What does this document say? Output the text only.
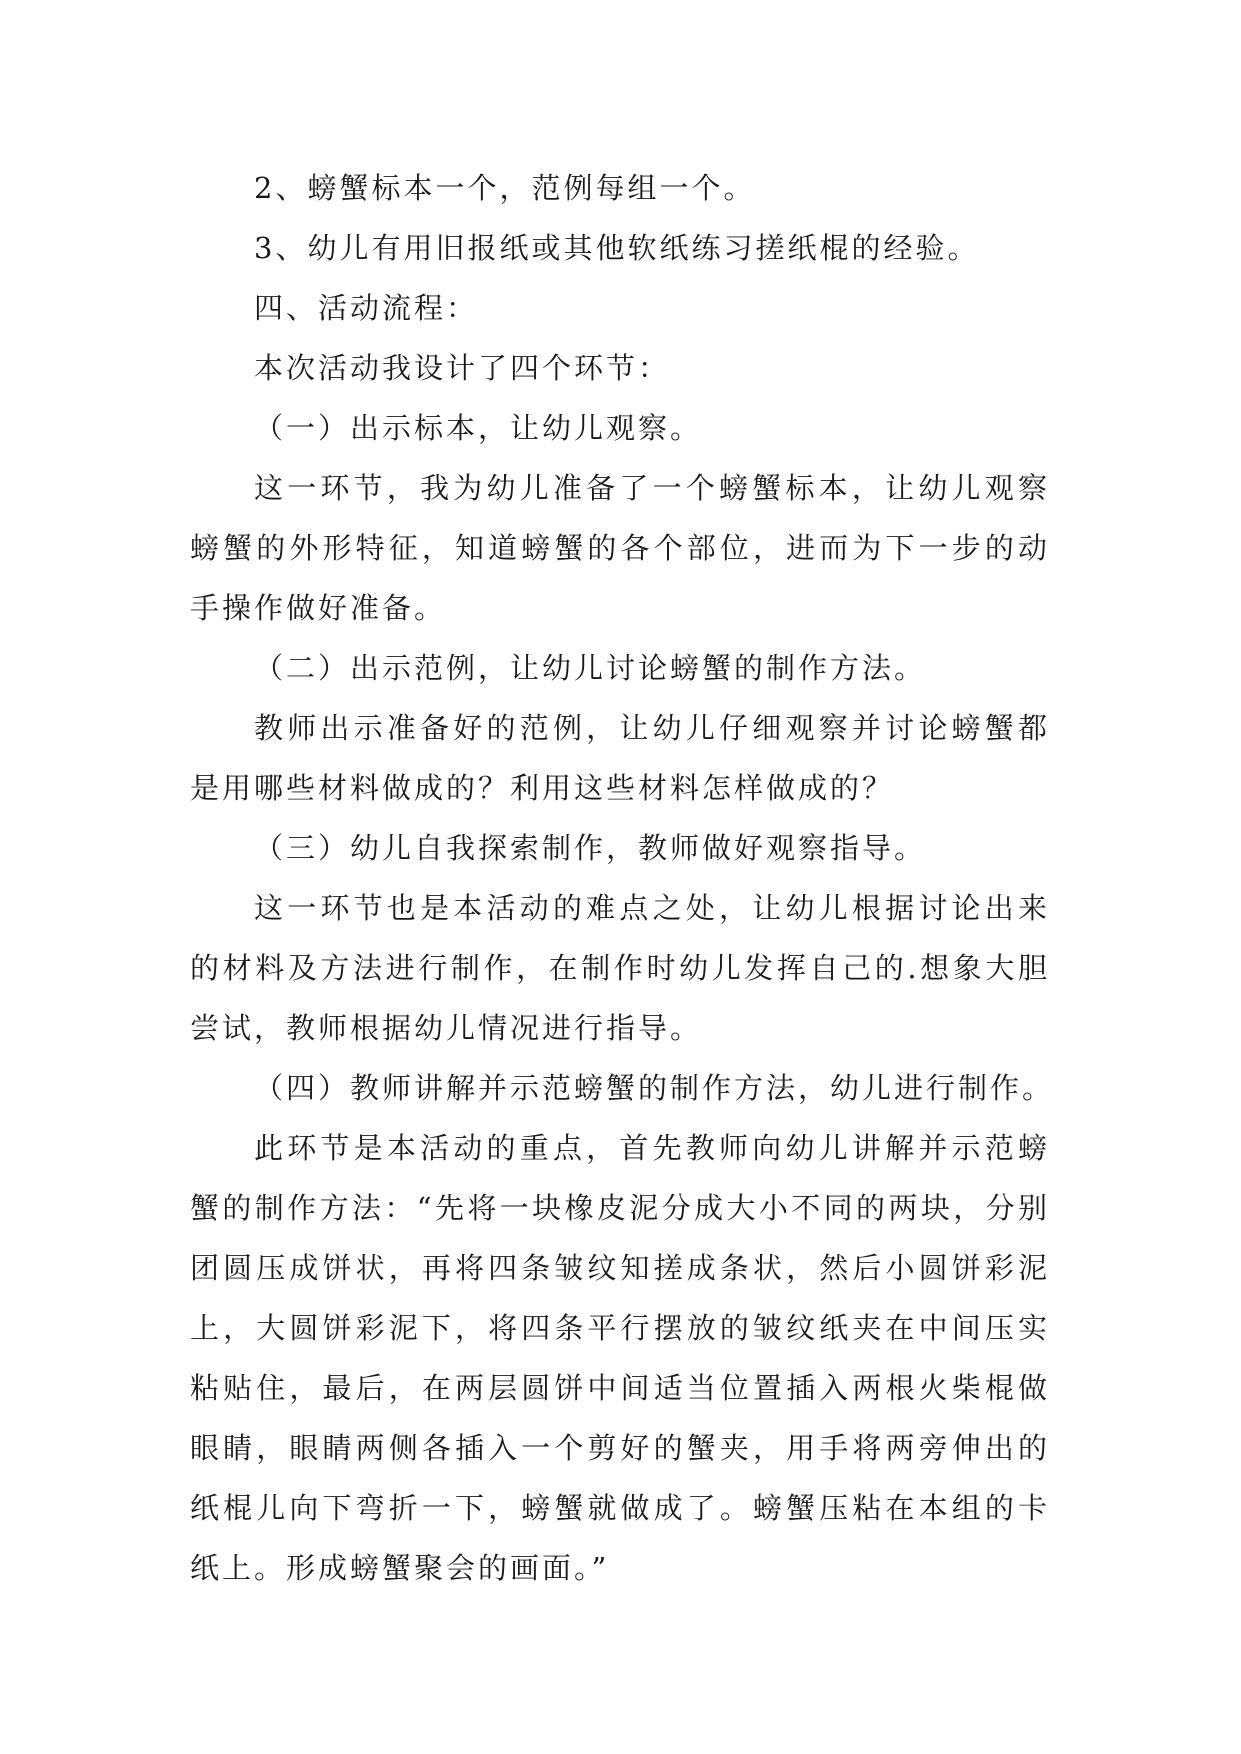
2、螃蟹标本一个，范例每组一个。

3、幼儿有用旧报纸或其他软纸练习搓纸棍的经验。

四、活动流程：

本次活动我设计了四个环节：

（一）出示标本，让幼儿观察。

这一环节，我为幼儿准备了一个螃蟹标本，让幼儿观察螃蟹的外形特征，知道螃蟹的各个部位，进而为下一步的动手操作做好准备。

（二）出示范例，让幼儿讨论螃蟹的制作方法。

教师出示准备好的范例，让幼儿仔细观察并讨论螃蟹都是用哪些材料做成的？利用这些材料怎样做成的？

（三）幼儿自我探索制作，教师做好观察指导。

这一环节也是本活动的难点之处，让幼儿根据讨论出来的材料及方法进行制作，在制作时幼儿发挥自己的.想象大胆尝试，教师根据幼儿情况进行指导。

（四）教师讲解并示范螃蟹的制作方法，幼儿进行制作。

此环节是本活动的重点，首先教师向幼儿讲解并示范螃蟹的制作方法：“先将一块橡皮泥分成大小不同的两块，分别团圆压成饼状，再将四条皱纹知搓成条状，然后小圆饼彩泥上，大圆饼彩泥下，将四条平行摆放的皱纹纸夹在中间压实粘贴住，最后，在两层圆饼中间适当位置插入两根火柴棍做眼睛，眼睛两侧各插入一个剪好的蟹夹，用手将两旁伸出的纸棍儿向下弯折一下，螃蟹就做成了。螃蟹压粘在本组的卡纸上。形成螃蟹聚会的画面。”
